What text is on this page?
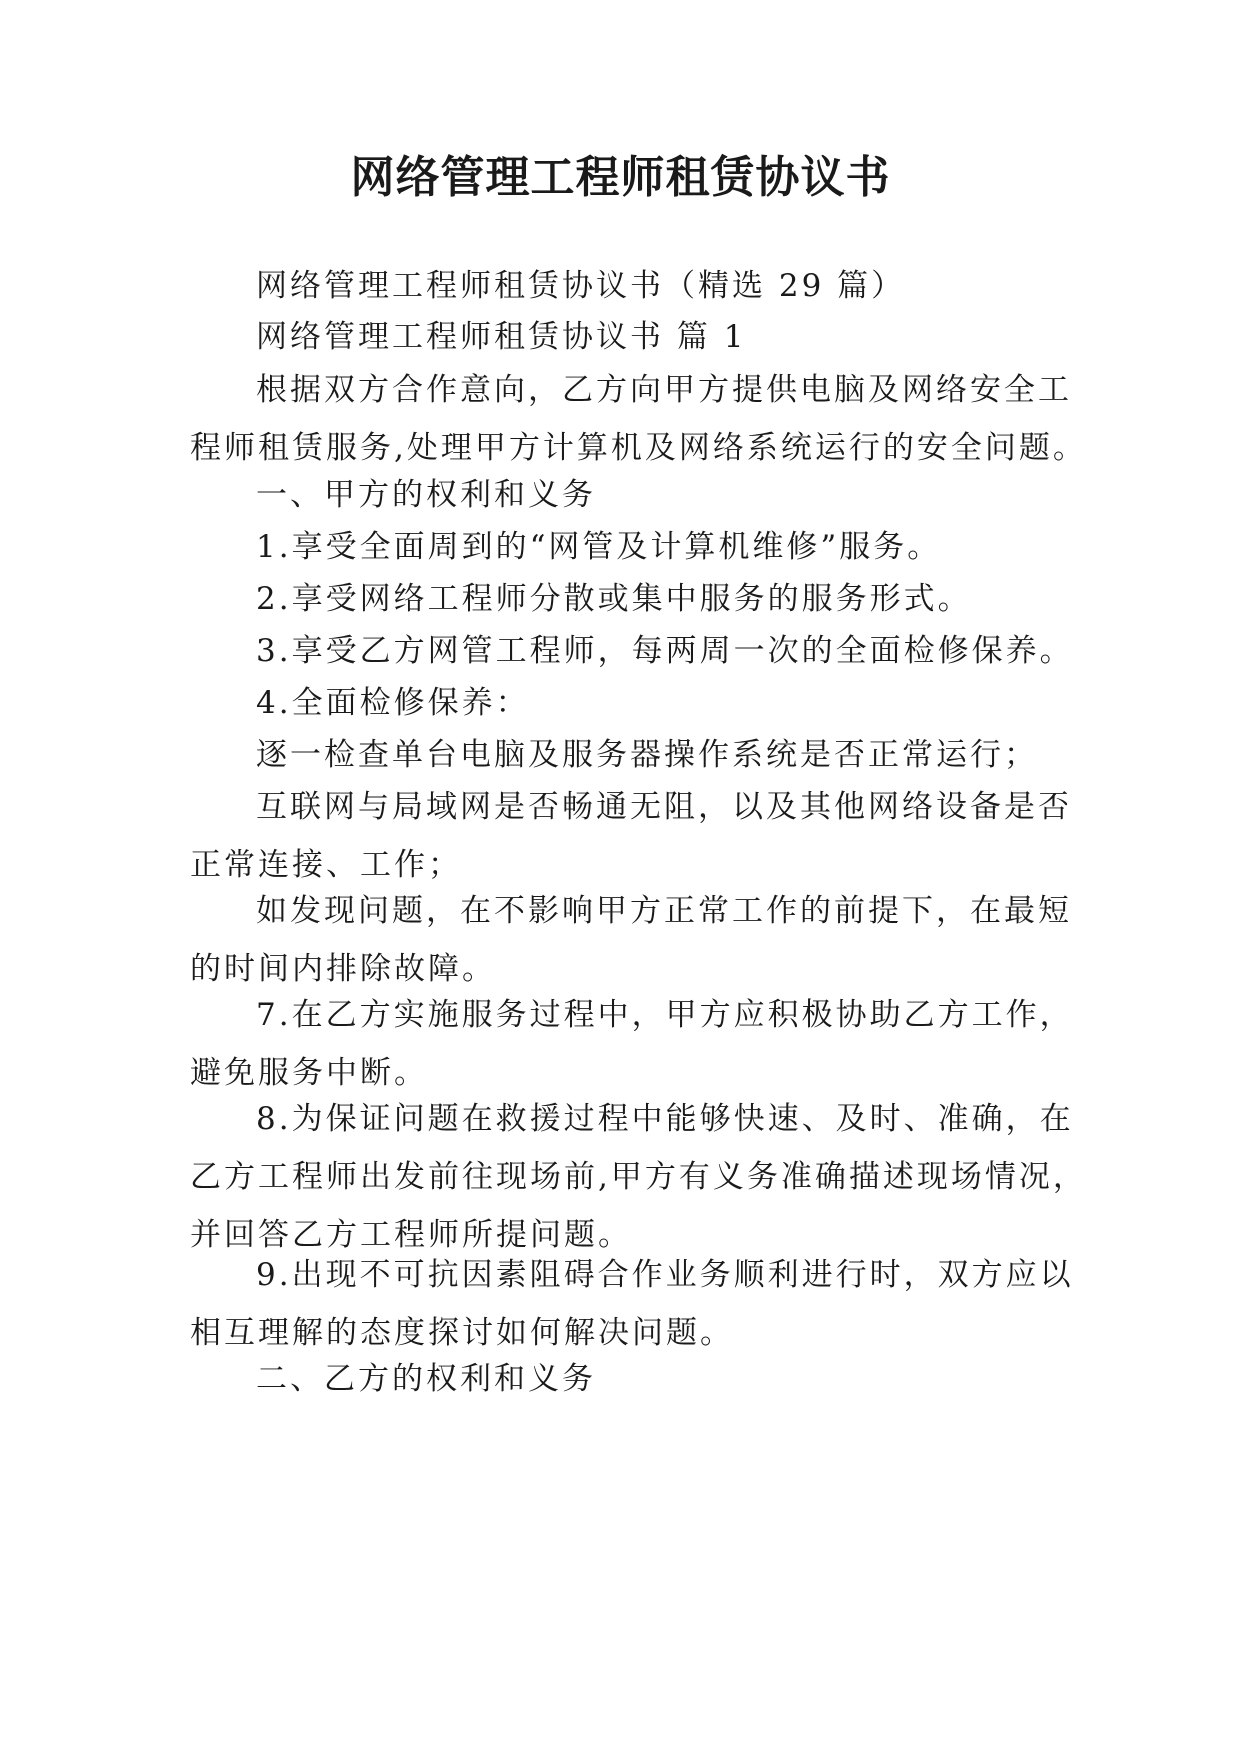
网络管理工程师租赁协议书
网络管理工程师租赁协议书（精选 29 篇）
网络管理工程师租赁协议书 篇 1
根据双方合作意向，乙方向甲方提供电脑及网络安全工
程师租赁服务,处理甲方计算机及网络系统运行的安全问题。
一、甲方的权利和义务
1.享受全面周到的“网管及计算机维修”服务。
2.享受网络工程师分散或集中服务的服务形式。
3.享受乙方网管工程师，每两周一次的全面检修保养。
4.全面检修保养：
逐一检查单台电脑及服务器操作系统是否正常运行；
互联网与局域网是否畅通无阻，以及其他网络设备是否
正常连接、工作；
如发现问题，在不影响甲方正常工作的前提下，在最短
的时间内排除故障。
7.在乙方实施服务过程中，甲方应积极协助乙方工作，
避免服务中断。
8.为保证问题在救援过程中能够快速、及时、准确，在
乙方工程师出发前往现场前,甲方有义务准确描述现场情况，
并回答乙方工程师所提问题。
9.出现不可抗因素阻碍合作业务顺利进行时，双方应以
相互理解的态度探讨如何解决问题。
二、乙方的权利和义务
